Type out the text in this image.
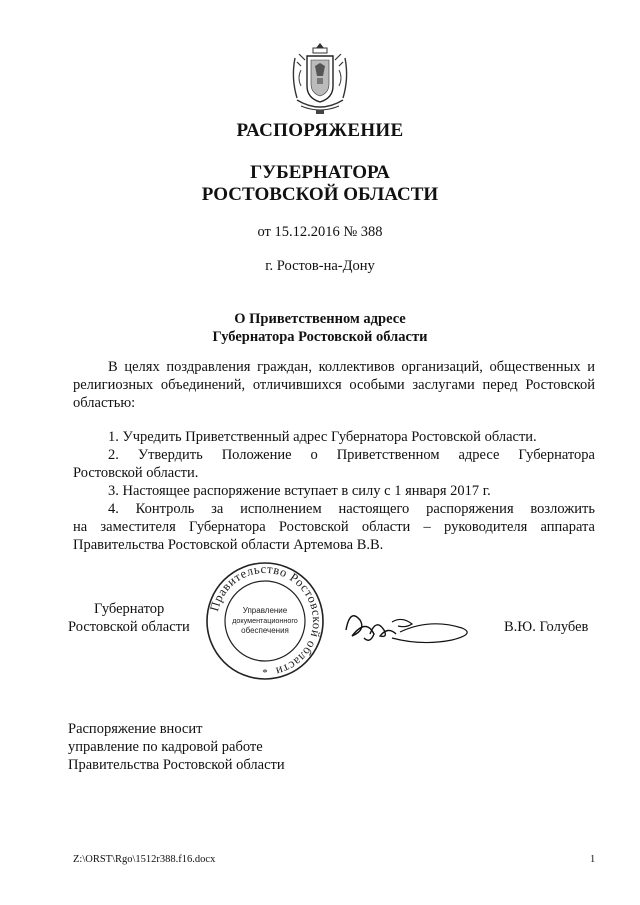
РАСПОРЯЖЕНИЕ
ГУБЕРНАТОРА
РОСТОВСКОЙ ОБЛАСТИ
от 15.12.2016 № 388
г. Ростов-на-Дону
О Приветственном адресе
Губернатора Ростовской области
В целях поздравления граждан, коллективов организаций, общественных и
религиозных объединений, отличившихся особыми заслугами перед Ростовской
областью:
1. Учредить Приветственный адрес Губернатора Ростовской области.
2. Утвердить Положение о Приветственном адресе Губернатора
Ростовской области.
3. Настоящее распоряжение вступает в силу с 1 января 2017 г.
4. Контроль за исполнением настоящего распоряжения возложить
на заместителя Губернатора Ростовской области – руководителя аппарата
Правительства Ростовской области Артемова В.В.
Губернатор
Ростовской области
Правительство Ростовской области
Управление
документационного
обеспечения
*
В.Ю. Голубев
Распоряжение вносит
управление по кадровой работе
Правительства Ростовской области
Z:\ORST\Rgo\1512r388.f16.docx	1
